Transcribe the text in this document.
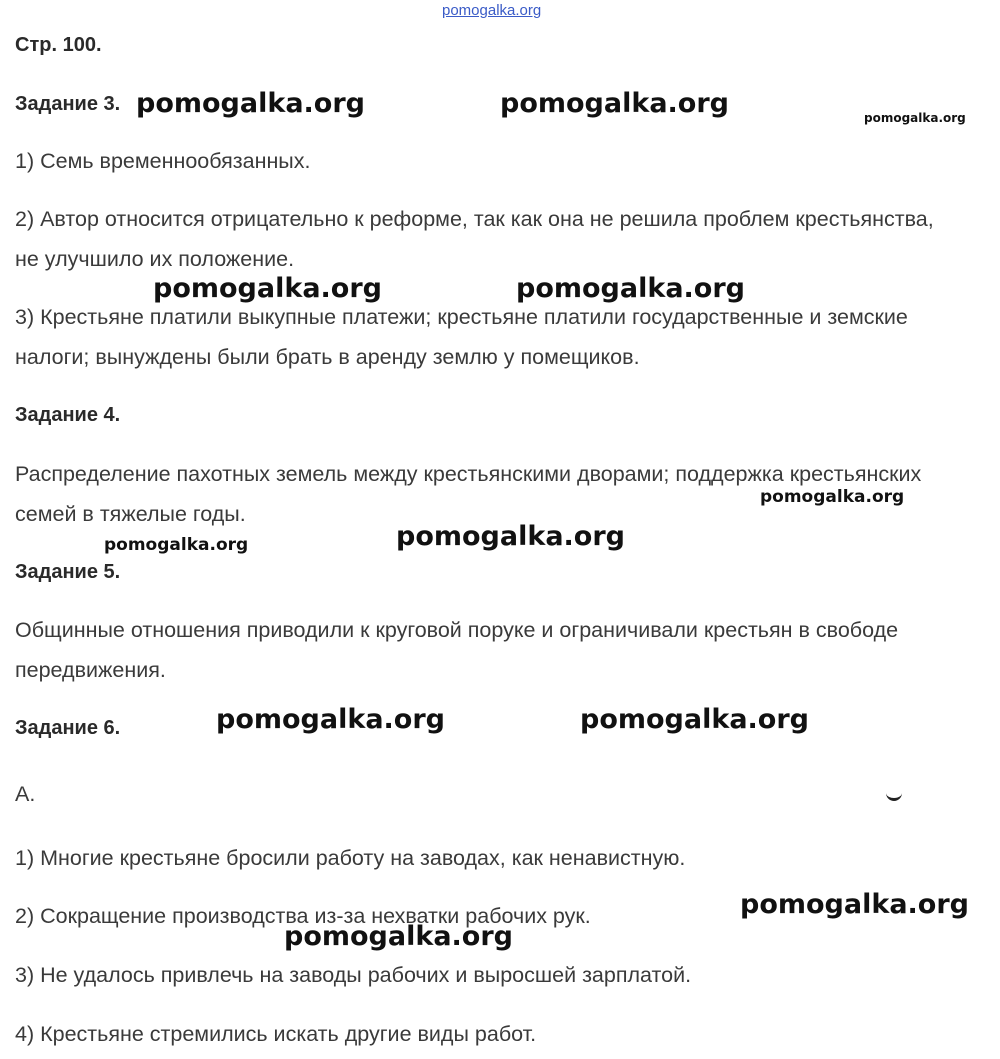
pomogalka.org
Стр. 100.
Задание 3.

1) Семь временнообязанных.

2) Автор относится отрицательно к реформе, так как она не решила проблем крестьянства,

не улучшило их положение.

3) Крестьяне платили выкупные платежи; крестьяне платили государственные и земские

налоги; вынуждены были брать в аренду землю у помещиков.

Задание 4.

Распределение пахотных земель между крестьянскими дворами; поддержка крестьянских

семей в тяжелые годы.

Задание 5.

Общинные отношения приводили к круговой поруке и ограничивали крестьян в свободе

передвижения.

Задание 6.

А.

1) Многие крестьяне бросили работу на заводах, как ненавистную.

2) Сокращение производства из-за нехватки рабочих рук.

3) Не удалось привлечь на заводы рабочих и выросшей зарплатой.

4) Крестьяне стремились искать другие виды работ.

pomogalka.org	pomogalka.org	pomogalka.org
pomogalka.org	pomogalka.org
pomogalka.org
pomogalka.org	pomogalka.org
pomogalka.org	pomogalka.org
pomogalka.org
pomogalka.org
